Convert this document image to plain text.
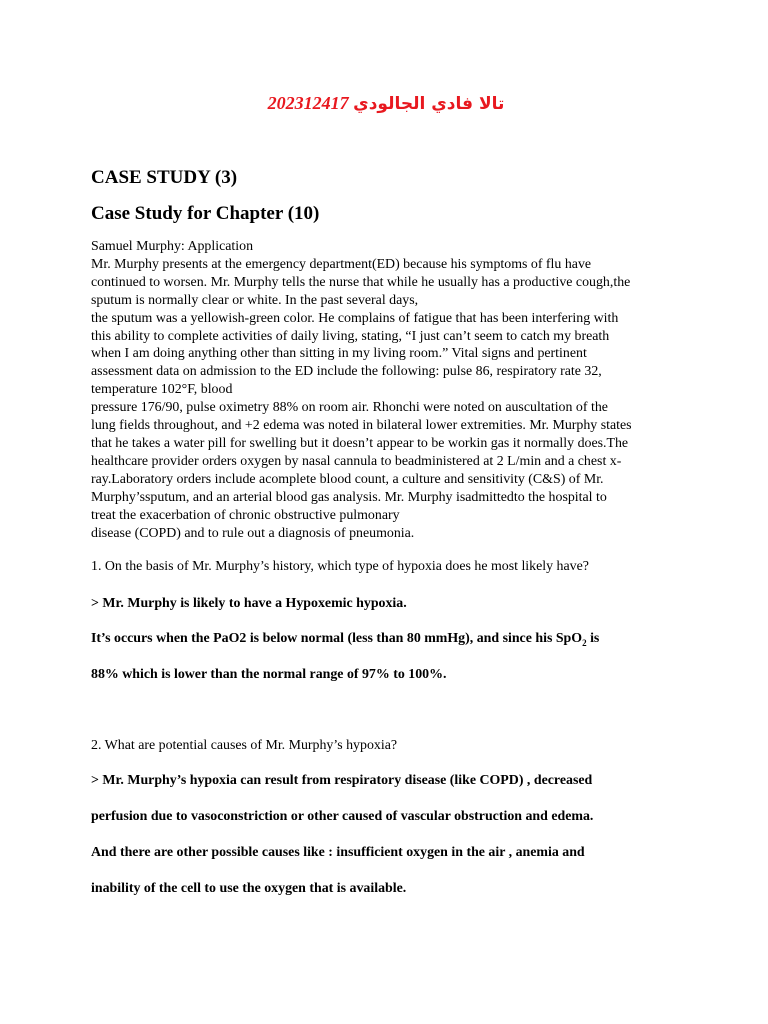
202312417 تالا فادي الجالودي
CASE STUDY (3)
Case Study for Chapter (10)
Samuel Murphy: Application
Mr. Murphy presents at the emergency department(ED) because his symptoms of flu have
continued to worsen. Mr. Murphy tells the nurse that while he usually has a productive cough,the
sputum is normally clear or white. In the past several days,
the sputum was a yellowish-green color. He complains of fatigue that has been interfering with
this ability to complete activities of daily living, stating, “I just can’t seem to catch my breath
when I am doing anything other than sitting in my living room.” Vital signs and pertinent
assessment data on admission to the ED include the following: pulse 86, respiratory rate 32,
temperature 102°F, blood
pressure 176/90, pulse oximetry 88% on room air. Rhonchi were noted on auscultation of the
lung fields throughout, and +2 edema was noted in bilateral lower extremities. Mr. Murphy states
that he takes a water pill for swelling but it doesn’t appear to be workin gas it normally does.The
healthcare provider orders oxygen by nasal cannula to beadministered at 2 L/min and a chest x-
ray.Laboratory orders include acomplete blood count, a culture and sensitivity (C&S) of Mr.
Murphy’ssputum, and an arterial blood gas analysis. Mr. Murphy isadmittedto the hospital to
treat the exacerbation of chronic obstructive pulmonary
disease (COPD) and to rule out a diagnosis of pneumonia.
1. On the basis of Mr. Murphy’s history, which type of hypoxia does he most likely have?
> Mr. Murphy is likely to have a Hypoxemic hypoxia.
It’s occurs when the PaO2 is below normal (less than 80 mmHg), and since his SpO$_2$ is
88% which is lower than the normal range of 97% to 100%.
2. What are potential causes of Mr. Murphy’s hypoxia?
> Mr. Murphy’s hypoxia can result from respiratory disease (like COPD) , decreased
perfusion due to vasoconstriction or other caused of vascular obstruction and edema.
And there are other possible causes like : insufficient oxygen in the air , anemia and
inability of the cell to use the oxygen that is available.
